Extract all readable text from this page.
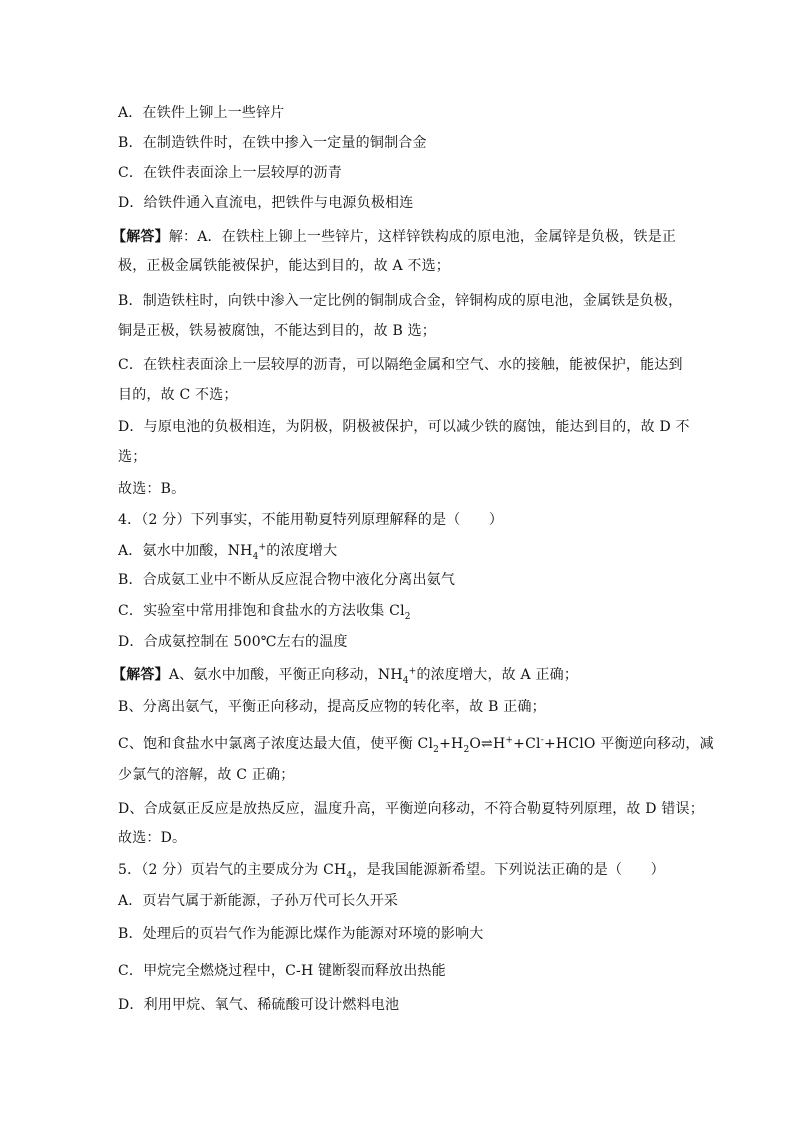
A．在铁件上铆上一些锌片
B．在制造铁件时，在铁中掺入一定量的铜制合金
C．在铁件表面涂上一层较厚的沥青
D．给铁件通入直流电，把铁件与电源负极相连
【解答】解：A．在铁柱上铆上一些锌片，这样锌铁构成的原电池，金属锌是负极，铁是正
极，正极金属铁能被保护，能达到目的，故 A 不选；
B．制造铁柱时，向铁中渗入一定比例的铜制成合金，锌铜构成的原电池，金属铁是负极，
铜是正极，铁易被腐蚀，不能达到目的，故 B 选；
C．在铁柱表面涂上一层较厚的沥青，可以隔绝金属和空气、水的接触，能被保护，能达到
目的，故 C 不选；
D．与原电池的负极相连，为阴极，阴极被保护，可以减少铁的腐蚀，能达到目的，故 D 不
选；
故选：B。
4．（2 分）下列事实，不能用勒夏特列原理解释的是（　　）
A．氨水中加酸，$NH_4^+$的浓度增大
B．合成氨工业中不断从反应混合物中液化分离出氨气
C．实验室中常用排饱和食盐水的方法收集 $Cl_2$
D．合成氨控制在 500℃左右的温度
【解答】A、氨水中加酸，平衡正向移动，$NH_4^+$的浓度增大，故 A 正确；
B、分离出氨气，平衡正向移动，提高反应物的转化率，故 B 正确；
C、饱和食盐水中氯离子浓度达最大值，使平衡 $Cl_2+H_2O\rightleftharpoons H^++Cl^-+HClO$ 平衡逆向移动，减
少氯气的溶解，故 C 正确；
D、合成氨正反应是放热反应，温度升高，平衡逆向移动，不符合勒夏特列原理，故 D 错误；
故选：D。
5．（2 分）页岩气的主要成分为 $CH_4$，是我国能源新希望。下列说法正确的是（　　）
A．页岩气属于新能源，子孙万代可长久开采
B．处理后的页岩气作为能源比煤作为能源对环境的影响大
C．甲烷完全燃烧过程中，C-H 键断裂而释放出热能
D．利用甲烷、氧气、稀硫酸可设计燃料电池
